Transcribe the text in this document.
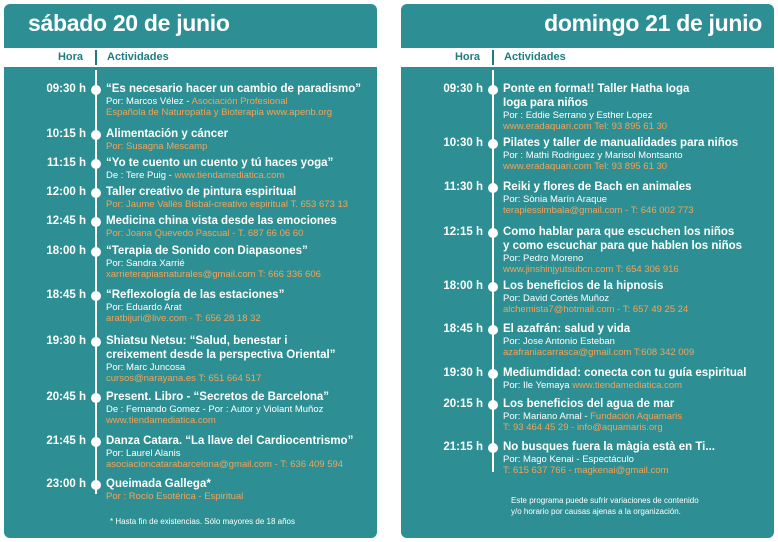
sábado 20 de junio
Hora	Actividades
09:30 h “Es necesario hacer un cambio de paradismo”
Por: Marcos Vélez - Asociación Profesional
Española de Naturopatía y Bioterapia www.apenb.org
10:15 h Alimentación y cáncer
Por: Susagna Mescamp
11:15 h “Yo te cuento un cuento y tú haces yoga”
De : Tere Puig - www.tiendamediatica.com
12:00 h Taller creativo de pintura espiritual
Por: Jaume Vallès Bisbal-creativo espiritual T. 653 673 13
12:45 h Medicina china vista desde las emociones
Por: Joana Quevedo Pascual - T. 687 66 06 60
18:00 h “Terapia de Sonido con Diapasones”
Por: Sandra Xarrié
xarrieterapiasnaturales@gmail.com T: 666 336 606
18:45 h “Reflexología de las estaciones”
Por: Eduardo Arat
aratbijuri@live.com - T: 656 28 18 32
19:30 h Shiatsu Netsu: “Salud, benestar i
creixement desde la perspectiva Oriental”
Por: Marc Juncosa
cursos@narayana.es T: 651 664 517
20:45 h Present. Libro - “Secretos de Barcelona”
De : Fernando Gomez - Por : Autor y Violant Muñoz
www.tiendamediatica.com
21:45 h Danza Catara. “La llave del Cardiocentrismo”
Por: Laurel Alanis
asociacioncatarabarcelona@gmail.com - T: 636 409 594
23:00 h Queimada Gallega*
Por : Rocío Esotérica - Espiritual
* Hasta fin de existencias. Sólo mayores de 18 años
domingo 21 de junio
Hora	Actividades
09:30 h Ponte en forma!! Taller Hatha Ioga
Ioga para niños
Por : Eddie Serrano y Esther Lopez
www.eradaquari.com Tel: 93 895 61 30
10:30 h Pilates y taller de manualidades para niños
Por : Mathi Rodriguez y Marisol Montsanto
www.eradaquari.com Tel: 93 895 61 30
11:30 h Reiki y flores de Bach en animales
Por: Sònia Marín Araque
terapiessimbala@gmail.com - T: 646 002 773
12:15 h Como hablar para que escuchen los niños
y como escuchar para que hablen los niños
Por: Pedro Moreno
www.jinshinjyutsubcn.com T: 654 306 916
18:00 h Los beneficios de la hipnosis
Por: David Cortés Muñoz
alchemista7@hotmail.com - T: 657 49 25 24
18:45 h El azafrán: salud y vida
Por: Jose Antonio Esteban
azafraniacarrasca@gmail.com T:608 342 009
19:30 h Mediumdidad: conecta con tu guía espiritual
Por: Ile Yemaya www.tiendamediatica.com
20:15 h Los beneficios del agua de mar
Por: Mariano Arnal - Fundación Aquamaris
T: 93 464 45 29 - info@aquamaris.org
21:15 h No busques fuera la màgia està en Ti...
Por: Mago Kenai - Espectáculo
T: 615 637 766 - magkenai@gmail.com
Este programa puede sufrir variaciones de contenido
y/o horario por causas ajenas a la organización.
